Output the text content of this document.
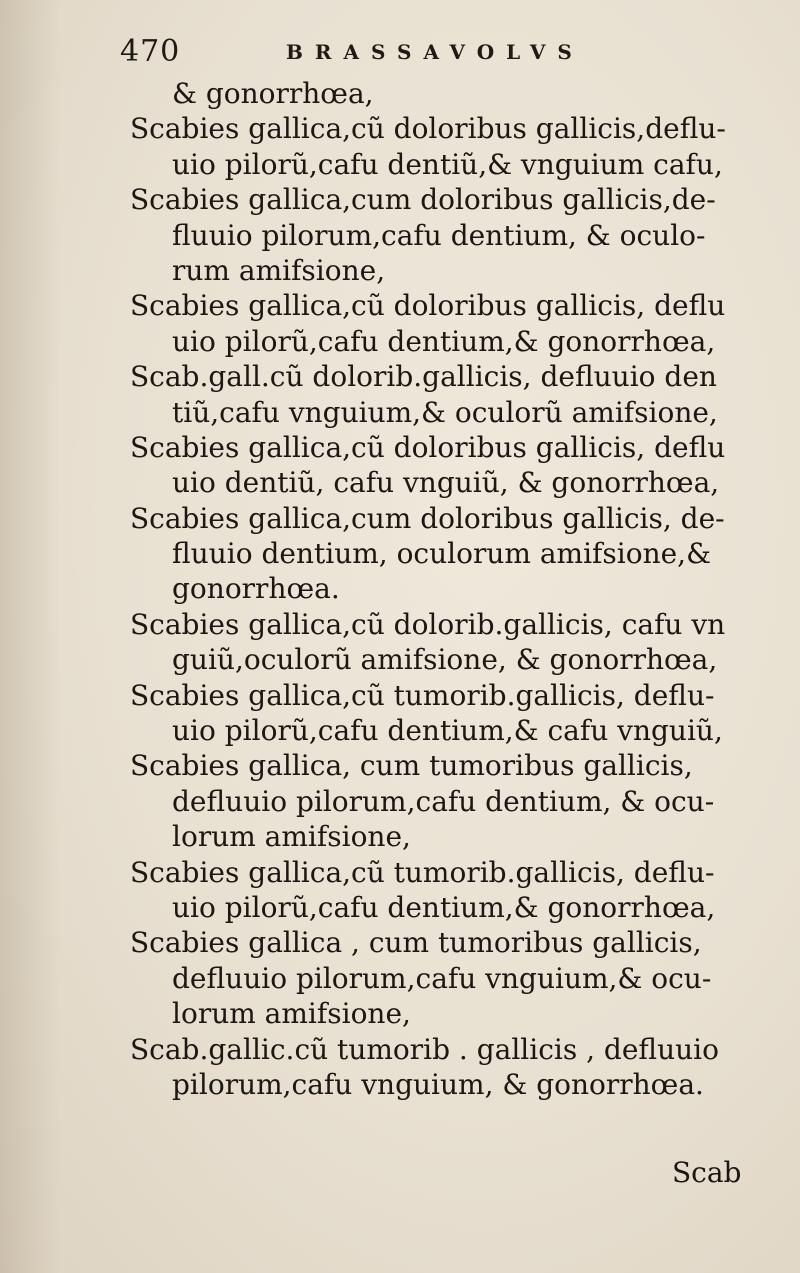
470	BRASSAVOLVS
& gonorrhœa,
Scabies gallica,cũ doloribus gallicis,deflu-
uio pilorũ,cafu dentiũ,& vnguium cafu,
Scabies gallica,cum doloribus gallicis,de-
fluuio pilorum,cafu dentium, & oculo-
rum amifsione,
Scabies gallica,cũ doloribus gallicis, deflu
uio pilorũ,cafu dentium,& gonorrhœa,
Scab.gall.cũ dolorib.gallicis, defluuio den
tiũ,cafu vnguium,& oculorũ amifsione,
Scabies gallica,cũ doloribus gallicis, deflu
uio dentiũ, cafu vnguiũ, & gonorrhœa,
Scabies gallica,cum doloribus gallicis, de-
fluuio dentium, oculorum amifsione,&
gonorrhœa.
Scabies gallica,cũ dolorib.gallicis, cafu vn
guiũ,oculorũ amifsione, & gonorrhœa,
Scabies gallica,cũ tumorib.gallicis, deflu-
uio pilorũ,cafu dentium,& cafu vnguiũ,
Scabies gallica, cum tumoribus gallicis,
defluuio pilorum,cafu dentium, & ocu-
lorum amifsione,
Scabies gallica,cũ tumorib.gallicis, deflu-
uio pilorũ,cafu dentium,& gonorrhœa,
Scabies gallica , cum tumoribus gallicis,
defluuio pilorum,cafu vnguium,& ocu-
lorum amifsione,
Scab.gallic.cũ tumorib . gallicis , defluuio
pilorum,cafu vnguium, & gonorrhœa.
Scab
